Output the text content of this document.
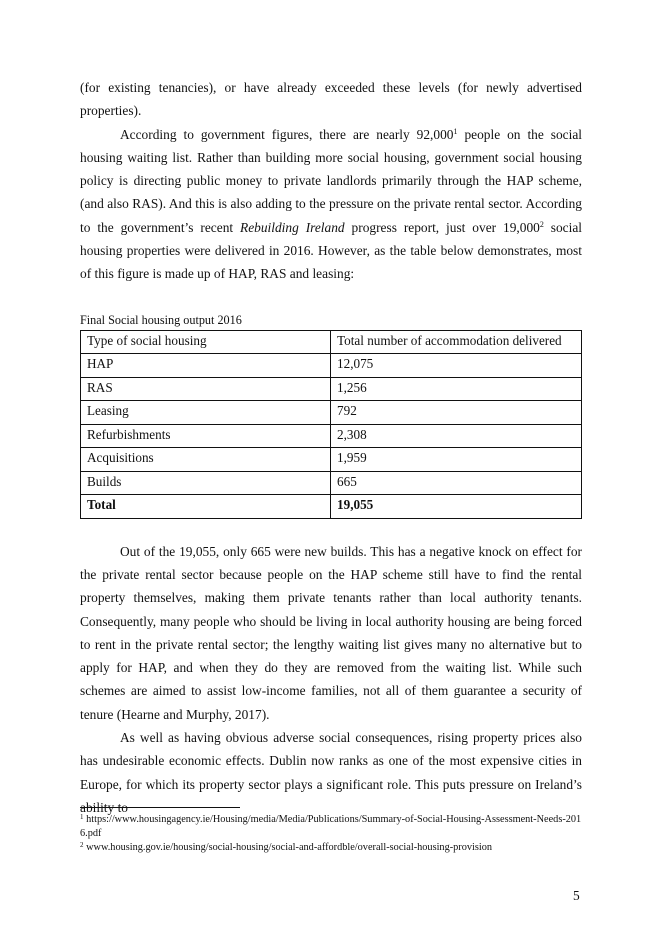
(for existing tenancies), or have already exceeded these levels (for newly advertised properties).

According to government figures, there are nearly 92,000$^1$ people on the social housing waiting list. Rather than building more social housing, government social housing policy is directing public money to private landlords primarily through the HAP scheme, (and also RAS). And this is also adding to the pressure on the private rental sector. According to the government’s recent Rebuilding Ireland progress report, just over 19,000$^2$ social housing properties were delivered in 2016. However, as the table below demonstrates, most of this figure is made up of HAP, RAS and leasing:

Final Social housing output 2016
Type of social housing	Total number of accommodation delivered
HAP	12,075
RAS	1,256
Leasing	792
Refurbishments	2,308
Acquisitions	1,959
Builds	665
Total	19,055

Out of the 19,055, only 665 were new builds. This has a negative knock on effect for the private rental sector because people on the HAP scheme still have to find the rental property themselves, making them private tenants rather than local authority tenants. Consequently, many people who should be living in local authority housing are being forced to rent in the private rental sector; the lengthy waiting list gives many no alternative but to apply for HAP, and when they do they are removed from the waiting list. While such schemes are aimed to assist low-income families, not all of them guarantee a security of tenure (Hearne and Murphy, 2017).

As well as having obvious adverse social consequences, rising property prices also has undesirable economic effects. Dublin now ranks as one of the most expensive cities in Europe, for which its property sector plays a significant role. This puts pressure on Ireland’s ability to

$^1$ https://www.housingagency.ie/Housing/media/Media/Publications/Summary-of-Social-Housing-Assessment-Needs-2016.pdf
$^2$ www.housing.gov.ie/housing/social-housing/social-and-affordble/overall-social-housing-provision
5
